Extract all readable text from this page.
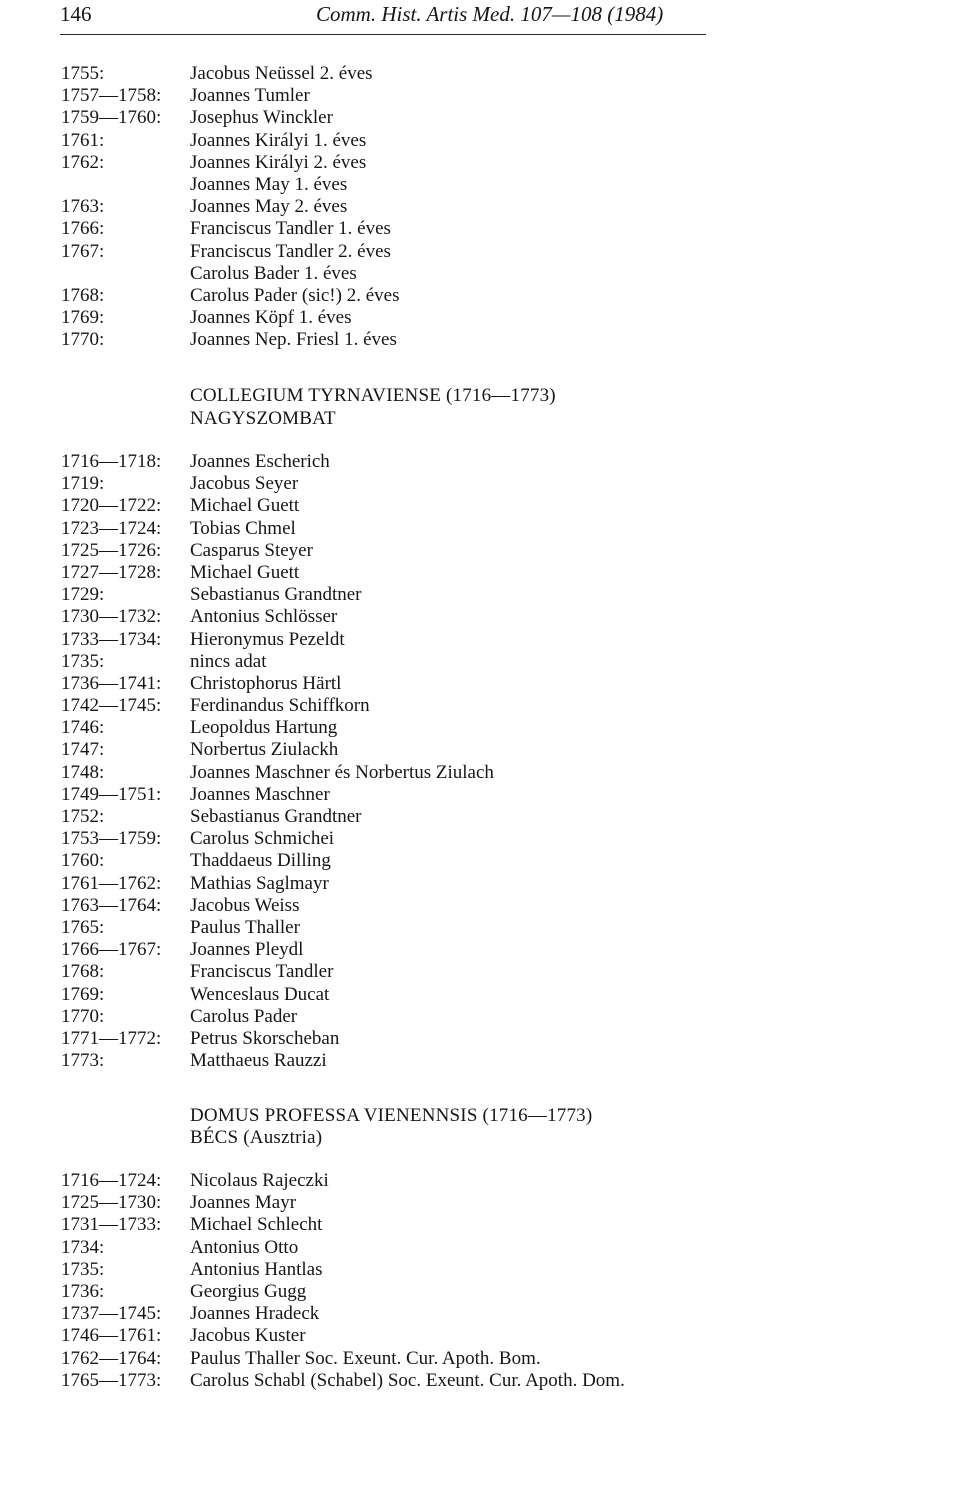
146	Comm. Hist. Artis Med. 107—108 (1984)
1755:	Jacobus Neüssel 2. éves
1757—1758: Joannes Tumler
1759—1760: Josephus Winckler
1761:	Joannes Királyi 1. éves
1762:	Joannes Királyi 2. éves
Joannes May 1. éves
1763:	Joannes May 2. éves
1766:	Franciscus Tandler 1. éves
1767:	Franciscus Tandler 2. éves
Carolus Bader 1. éves
1768:	Carolus Pader (sic!) 2. éves
1769:	Joannes Köpf 1. éves
1770:	Joannes Nep. Friesl 1. éves
COLLEGIUM TYRNAVIENSE (1716—1773)
NAGYSZOMBAT
1716—1718: Joannes Escherich
1719:	Jacobus Seyer
1720—1722: Michael Guett
1723—1724: Tobias Chmel
1725—1726: Casparus Steyer
1727—1728: Michael Guett
1729:	Sebastianus Grandtner
1730—1732: Antonius Schlösser
1733—1734: Hieronymus Pezeldt
1735:	nincs adat
1736—1741: Christophorus Härtl
1742—1745: Ferdinandus Schiffkorn
1746:	Leopoldus Hartung
1747:	Norbertus Ziulackh
1748:	Joannes Maschner és Norbertus Ziulach
1749—1751: Joannes Maschner
1752:	Sebastianus Grandtner
1753—1759: Carolus Schmichei
1760:	Thaddaeus Dilling
1761—1762: Mathias Saglmayr
1763—1764: Jacobus Weiss
1765:	Paulus Thaller
1766—1767: Joannes Pleydl
1768:	Franciscus Tandler
1769:	Wenceslaus Ducat
1770:	Carolus Pader
1771—1772: Petrus Skorscheban
1773:	Matthaeus Rauzzi
DOMUS PROFESSA VIENENNSIS (1716—1773)
BÉCS (Ausztria)
1716—1724: Nicolaus Rajeczki
1725—1730: Joannes Mayr
1731—1733: Michael Schlecht
1734:	Antonius Otto
1735:	Antonius Hantlas
1736:	Georgius Gugg
1737—1745: Joannes Hradeck
1746—1761: Jacobus Kuster
1762—1764: Paulus Thaller Soc. Exeunt. Cur. Apoth. Bom.
1765—1773: Carolus Schabl (Schabel) Soc. Exeunt. Cur. Apoth. Dom.
